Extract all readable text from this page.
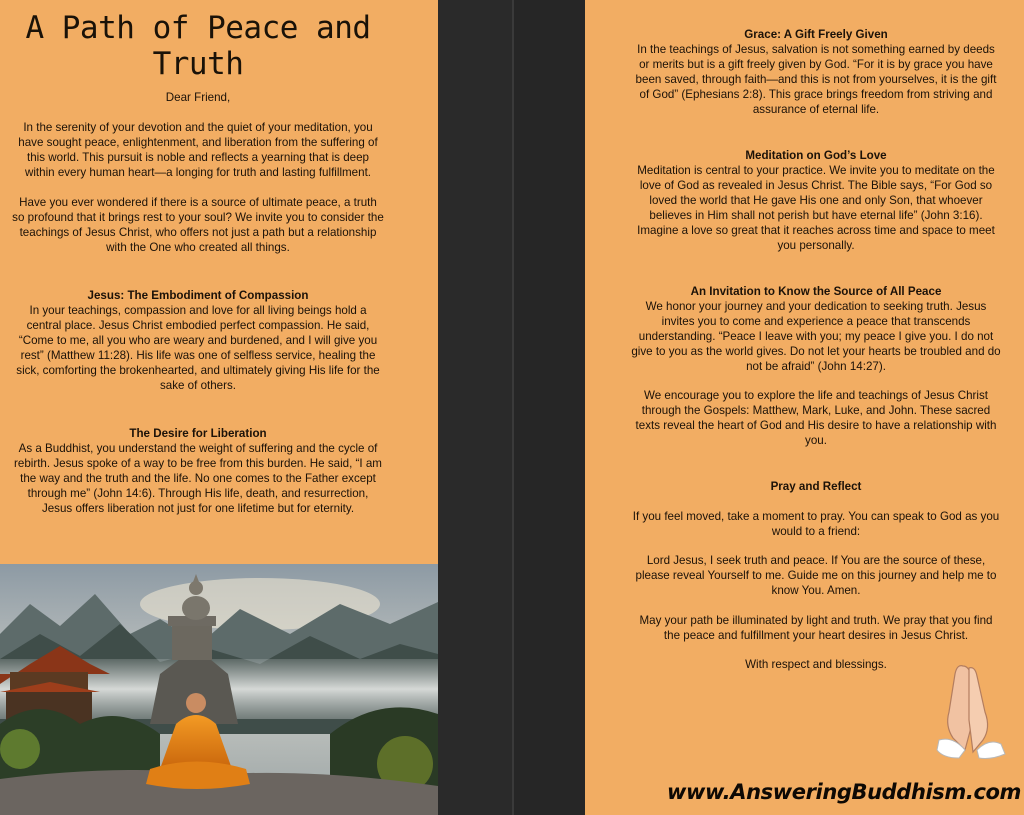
A Path of Peace and Truth
Dear Friend,
In the serenity of your devotion and the quiet of your meditation, you have sought peace, enlightenment, and liberation from the suffering of this world. This pursuit is noble and reflects a yearning that is deep within every human heart—a longing for truth and lasting fulfillment.
Have you ever wondered if there is a source of ultimate peace, a truth so profound that it brings rest to your soul? We invite you to consider the teachings of Jesus Christ, who offers not just a path but a relationship with the One who created all things.
Jesus: The Embodiment of Compassion
In your teachings, compassion and love for all living beings hold a central place. Jesus Christ embodied perfect compassion. He said, “Come to me, all you who are weary and burdened, and I will give you rest” (Matthew 11:28). His life was one of selfless service, healing the sick, comforting the brokenhearted, and ultimately giving His life for the sake of others.
The Desire for Liberation
As a Buddhist, you understand the weight of suffering and the cycle of rebirth. Jesus spoke of a way to be free from this burden. He said, “I am the way and the truth and the life. No one comes to the Father except through me” (John 14:6). Through His life, death, and resurrection, Jesus offers liberation not just for one lifetime but for eternity.
Grace: A Gift Freely Given
In the teachings of Jesus, salvation is not something earned by deeds or merits but is a gift freely given by God. “For it is by grace you have been saved, through faith—and this is not from yourselves, it is the gift of God” (Ephesians 2:8). This grace brings freedom from striving and assurance of eternal life.
Meditation on God’s Love
Meditation is central to your practice. We invite you to meditate on the love of God as revealed in Jesus Christ. The Bible says, “For God so loved the world that He gave His one and only Son, that whoever believes in Him shall not perish but have eternal life” (John 3:16). Imagine a love so great that it reaches across time and space to meet you personally.
An Invitation to Know the Source of All Peace
We honor your journey and your dedication to seeking truth. Jesus invites you to come and experience a peace that transcends understanding. “Peace I leave with you; my peace I give you. I do not give to you as the world gives. Do not let your hearts be troubled and do not be afraid” (John 14:27).
We encourage you to explore the life and teachings of Jesus Christ through the Gospels: Matthew, Mark, Luke, and John. These sacred texts reveal the heart of God and His desire to have a relationship with you.
Pray and Reflect
If you feel moved, take a moment to pray. You can speak to God as you would to a friend:
Lord Jesus, I seek truth and peace. If You are the source of these, please reveal Yourself to me. Guide me on this journey and help me to know You. Amen.
May your path be illuminated by light and truth. We pray that you find the peace and fulfillment your heart desires in Jesus Christ.
With respect and blessings.
www.AnsweringBuddhism.com
